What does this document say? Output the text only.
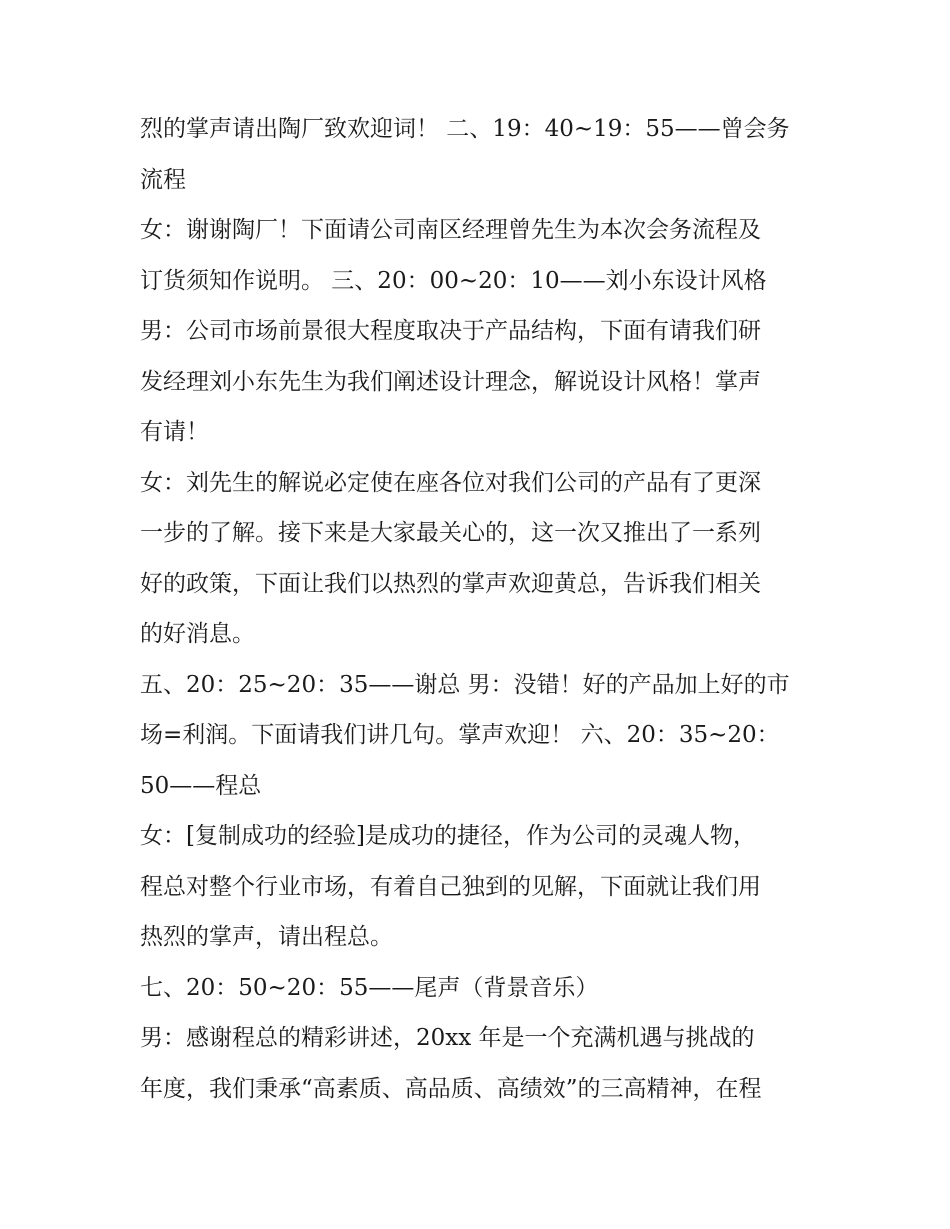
烈的掌声请出陶厂致欢迎词！ 二、19：40~19：55——曾会务
流程
女：谢谢陶厂！下面请公司南区经理曾先生为本次会务流程及
订货须知作说明。 三、20：00~20：10——刘小东设计风格
男：公司市场前景很大程度取决于产品结构，下面有请我们研
发经理刘小东先生为我们阐述设计理念，解说设计风格！掌声
有请！
女：刘先生的解说必定使在座各位对我们公司的产品有了更深
一步的了解。接下来是大家最关心的，这一次又推出了一系列
好的政策，下面让我们以热烈的掌声欢迎黄总，告诉我们相关
的好消息。
五、20：25~20：35——谢总 男：没错！好的产品加上好的市
场=利润。下面请我们讲几句。掌声欢迎！ 六、20：35~20：
50——程总
女：[复制成功的经验]是成功的捷径，作为公司的灵魂人物，
程总对整个行业市场，有着自己独到的见解，下面就让我们用
热烈的掌声，请出程总。
七、20：50~20：55——尾声（背景音乐）
男：感谢程总的精彩讲述，20xx 年是一个充满机遇与挑战的
年度，我们秉承“高素质、高品质、高绩效”的三高精神，在程
